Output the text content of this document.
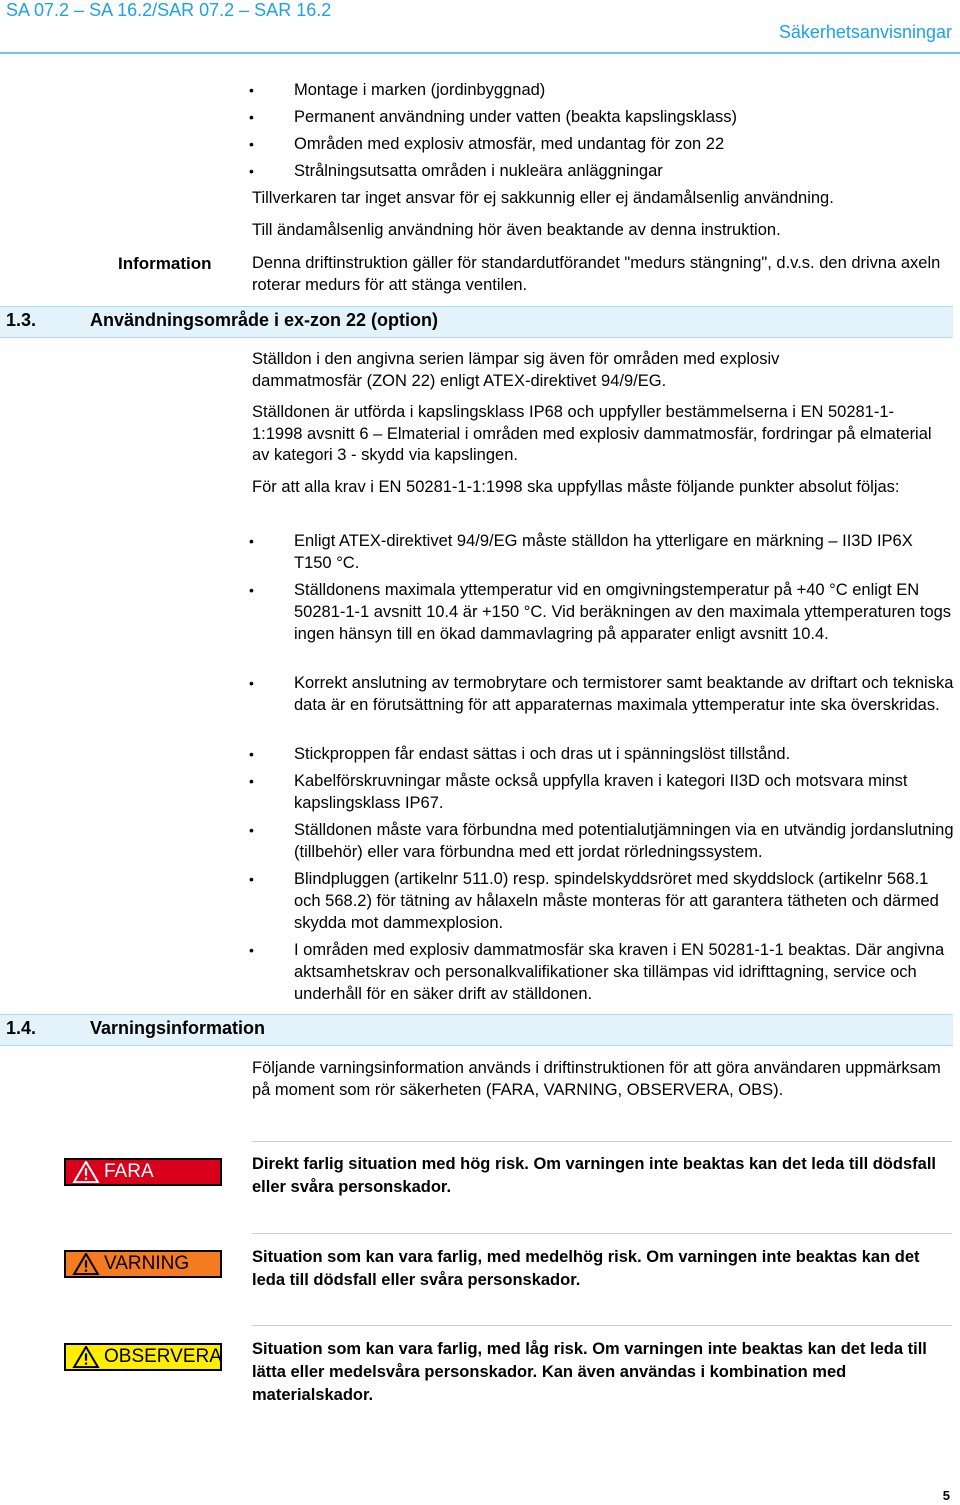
SA 07.2 – SA 16.2/SAR 07.2 – SAR 16.2
Säkerhetsanvisningar
• Montage i marken (jordinbyggnad)
• Permanent användning under vatten (beakta kapslingsklass)
• Områden med explosiv atmosfär, med undantag för zon 22
• Strålningsutsatta områden i nukleära anläggningar
Tillverkaren tar inget ansvar för ej sakkunnig eller ej ändamålsenlig användning.
Till ändamålsenlig användning hör även beaktande av denna instruktion.
Information Denna driftinstruktion gäller för standardutförandet "medurs stängning", d.v.s. den drivna axeln roterar medurs för att stänga ventilen.
1.3.	Användningsområde i ex-zon 22 (option)
Ställdon i den angivna serien lämpar sig även för områden med explosiv dammatmosfär (ZON 22) enligt ATEX-direktivet 94/9/EG.
Ställdonen är utförda i kapslingsklass IP68 och uppfyller bestämmelserna i EN 50281-1-1:1998 avsnitt 6 – Elmaterial i områden med explosiv dammatmosfär, fordringar på elmaterial av kategori 3 - skydd via kapslingen.
För att alla krav i EN 50281-1-1:1998 ska uppfyllas måste följande punkter absolut följas:
• Enligt ATEX-direktivet 94/9/EG måste ställdon ha ytterligare en märkning – II3D IP6X T150 °C.
• Ställdonens maximala yttemperatur vid en omgivningstemperatur på +40 °C enligt EN 50281-1-1 avsnitt 10.4 är +150 °C. Vid beräkningen av den maximala yttemperaturen togs ingen hänsyn till en ökad dammavlagring på apparater enligt avsnitt 10.4.
• Korrekt anslutning av termobrytare och termistorer samt beaktande av driftart och tekniska data är en förutsättning för att apparaternas maximala yttemperatur inte ska överskridas.
• Stickproppen får endast sättas i och dras ut i spänningslöst tillstånd.
• Kabelförskruvningar måste också uppfylla kraven i kategori II3D och motsvara minst kapslingsklass IP67.
• Ställdonen måste vara förbundna med potentialutjämningen via en utvändig jordanslutning (tillbehör) eller vara förbundna med ett jordat rörledningssystem.
• Blindpluggen (artikelnr 511.0) resp. spindelskyddsröret med skyddslock (artikelnr 568.1 och 568.2) för tätning av hålaxeln måste monteras för att garantera tätheten och därmed skydda mot dammexplosion.
• I områden med explosiv dammatmosfär ska kraven i EN 50281-1-1 beaktas. Där angivna aktsamhetskrav och personalkvalifikationer ska tillämpas vid idrifttagning, service och underhåll för en säker drift av ställdonen.
1.4.	Varningsinformation
Följande varningsinformation används i driftinstruktionen för att göra användaren uppmärksam på moment som rör säkerheten (FARA, VARNING, OBSERVERA, OBS).
FARA	Direkt farlig situation med hög risk. Om varningen inte beaktas kan det leda till dödsfall eller svåra personskador.
VARNING	Situation som kan vara farlig, med medelhög risk. Om varningen inte beaktas kan det leda till dödsfall eller svåra personskador.
OBSERVERA Situation som kan vara farlig, med låg risk. Om varningen inte beaktas kan det leda till lätta eller medelsvåra personskador. Kan även användas i kombination med materialskador.
5
